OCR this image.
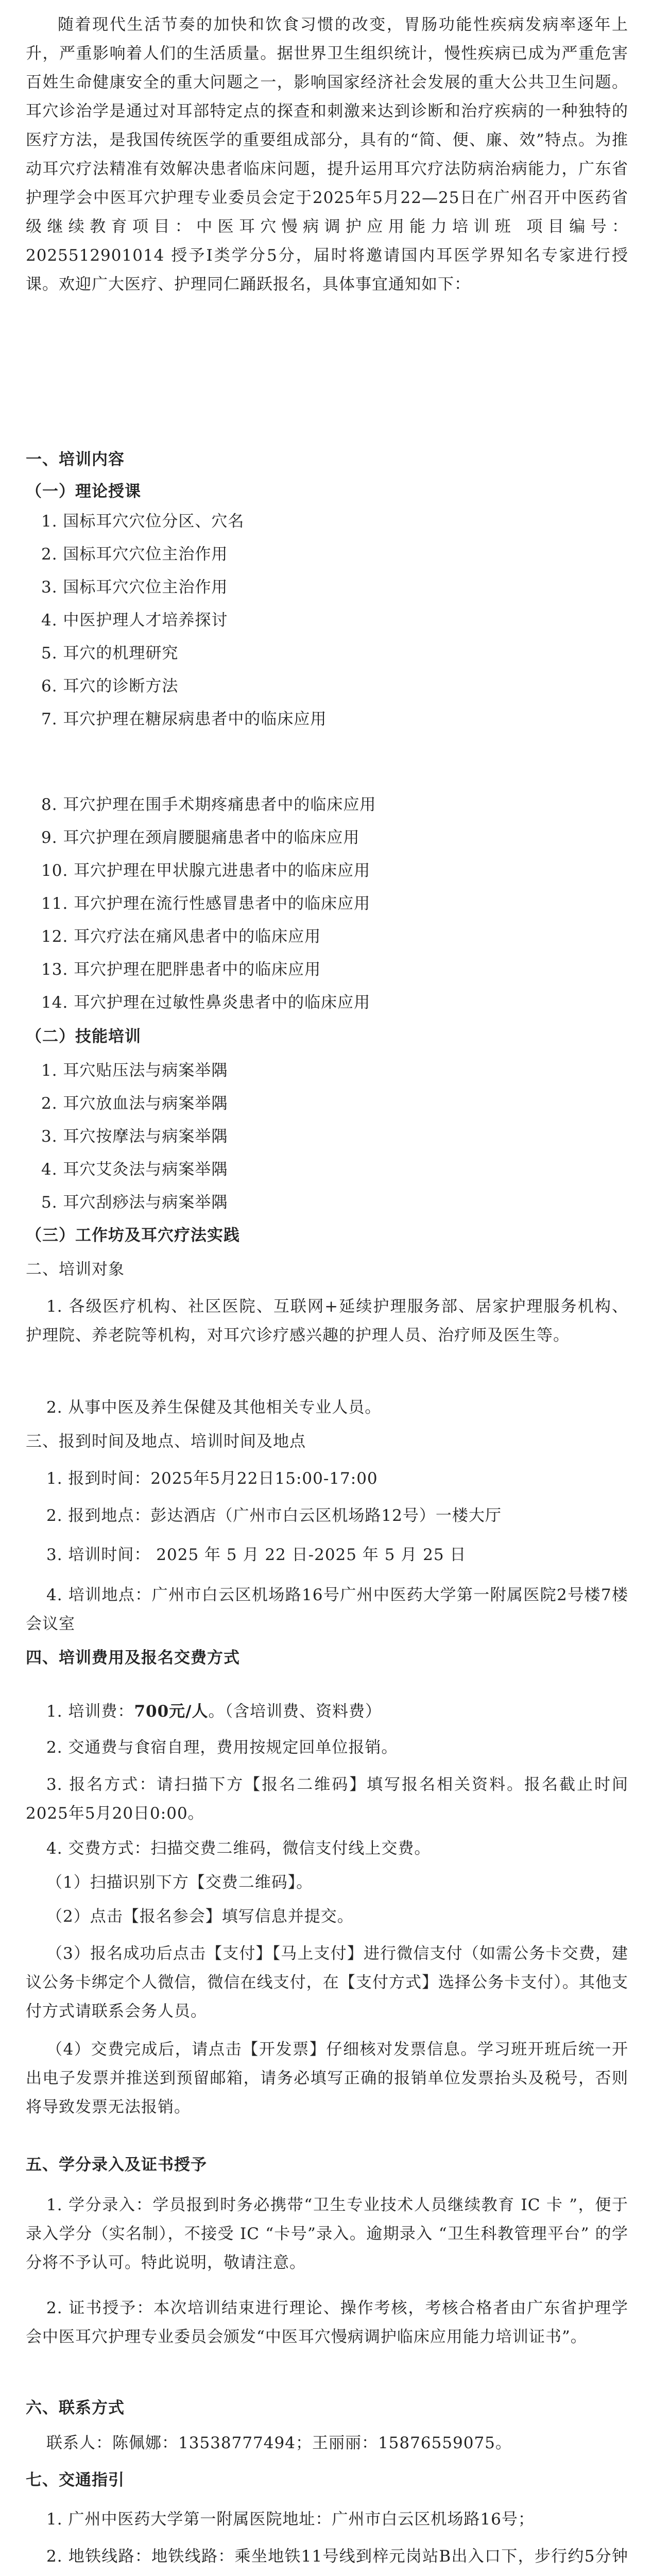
随着现代生活节奏的加快和饮食习惯的改变，胃肠功能性疾病发病率逐年上升，严重影响着人们的生活质量。据世界卫生组织统计，慢性疾病已成为严重危害百姓生命健康安全的重大问题之一，影响国家经济社会发展的重大公共卫生问题。耳穴诊治学是通过对耳部特定点的探查和刺激来达到诊断和治疗疾病的一种独特的医疗方法，是我国传统医学的重要组成部分，具有的“简、便、廉、效”特点。为推动耳穴疗法精准有效解决患者临床问题，提升运用耳穴疗法防病治病能力，广东省护理学会中医耳穴护理专业委员会定于2025年5月22—25日在广州召开中医药省级继续教育项目：中医耳穴慢病调护应用能力培训班 项目编号：2025512901014 授予I类学分5分，届时将邀请国内耳医学界知名专家进行授课。欢迎广大医疗、护理同仁踊跃报名，具体事宜通知如下：

一、培训内容
（一）理论授课
1. 国标耳穴穴位分区、穴名
2. 国标耳穴穴位主治作用
3. 国标耳穴穴位主治作用
4. 中医护理人才培养探讨
5. 耳穴的机理研究
6. 耳穴的诊断方法
7. 耳穴护理在糖尿病患者中的临床应用
8. 耳穴护理在围手术期疼痛患者中的临床应用
9. 耳穴护理在颈肩腰腿痛患者中的临床应用
10. 耳穴护理在甲状腺亢进患者中的临床应用
11. 耳穴护理在流行性感冒患者中的临床应用
12. 耳穴疗法在痛风患者中的临床应用
13. 耳穴护理在肥胖患者中的临床应用
14. 耳穴护理在过敏性鼻炎患者中的临床应用
（二）技能培训
1. 耳穴贴压法与病案举隅
2. 耳穴放血法与病案举隅
3. 耳穴按摩法与病案举隅
4. 耳穴艾灸法与病案举隅
5. 耳穴刮痧法与病案举隅
（三）工作坊及耳穴疗法实践
二、培训对象

1. 各级医疗机构、社区医院、互联网+延续护理服务部、居家护理服务机构、 护理院、养老院等机构，对耳穴诊疗感兴趣的护理人员、治疗师及医生等。

2. 从事中医及养生保健及其他相关专业人员。

三、报到时间及地点、培训时间及地点
1. 报到时间：2025年5月22日15:00-17:00
2. 报到地点：彭达酒店（广州市白云区机场路12号）一楼大厅
3. 培训时间： 2025 年 5 月 22 日-2025 年 5 月 25 日

4. 培训地点：广州市白云区机场路16号广州中医药大学第一附属医院2号楼7楼会议室

四、培训费用及报名交费方式
1. 培训费：700元/人。（含培训费、资料费）
2. 交通费与食宿自理，费用按规定回单位报销。

3. 报名方式：请扫描下方【报名二维码】填写报名相关资料。报名截止时间2025年5月20日0:00。

4. 交费方式：扫描交费二维码，微信支付线上交费。
（1）扫描识别下方【交费二维码】。
（2）点击【报名参会】填写信息并提交。

（3）报名成功后点击【支付】【马上支付】进行微信支付（如需公务卡交费，建议公务卡绑定个人微信，微信在线支付，在【支付方式】选择公务卡支付）。其他支付方式请联系会务人员。

（4）交费完成后，请点击【开发票】仔细核对发票信息。学习班开班后统一开出电子发票并推送到预留邮箱，请务必填写正确的报销单位发票抬头及税号，否则将导致发票无法报销。

五、学分录入及证书授予

1. 学分录入：学员报到时务必携带“卫生专业技术人员继续教育 IC 卡 ”，便于录入学分（实名制），不接受 IC “卡号”录入。逾期录入 “卫生科教管理平台” 的学分将不予认可。特此说明，敬请注意。

2. 证书授予：本次培训结束进行理论、操作考核，考核合格者由广东省护理学会中医耳穴护理专业委员会颁发“中医耳穴慢病调护临床应用能力培训证书”。

六、联系方式
联系人：陈佩娜：13538777494；王丽丽：15876559075。
七、交通指引
1. 广州中医药大学第一附属医院地址：广州市白云区机场路16号；

2. 地铁线路：地铁线路：乘坐地铁11号线到梓元岗站B出入口下，步行约5分钟
